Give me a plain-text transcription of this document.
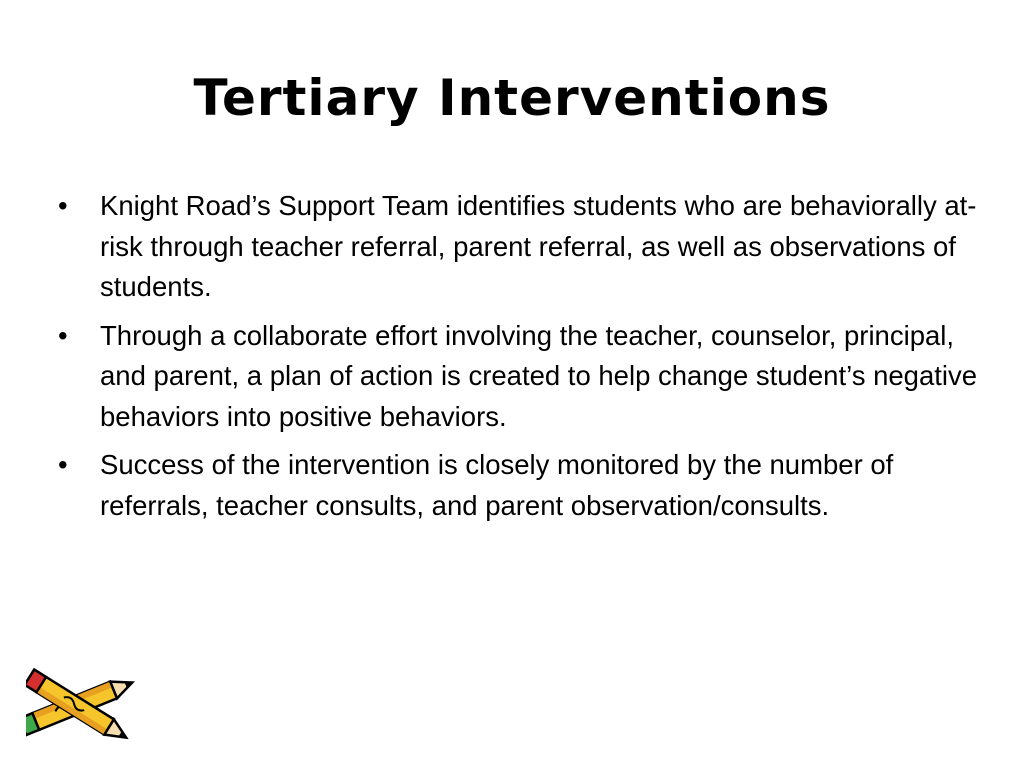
Tertiary Interventions
•	Knight Road’s Support Team identifies students who are behaviorally at-risk through teacher referral, parent referral, as well as observations of students.
•	Through a collaborate effort involving the teacher, counselor, principal, and parent, a plan of action is created to help change student’s negative behaviors into positive behaviors.
•	Success of the intervention is closely monitored by the number of referrals, teacher consults, and parent observation/consults.
